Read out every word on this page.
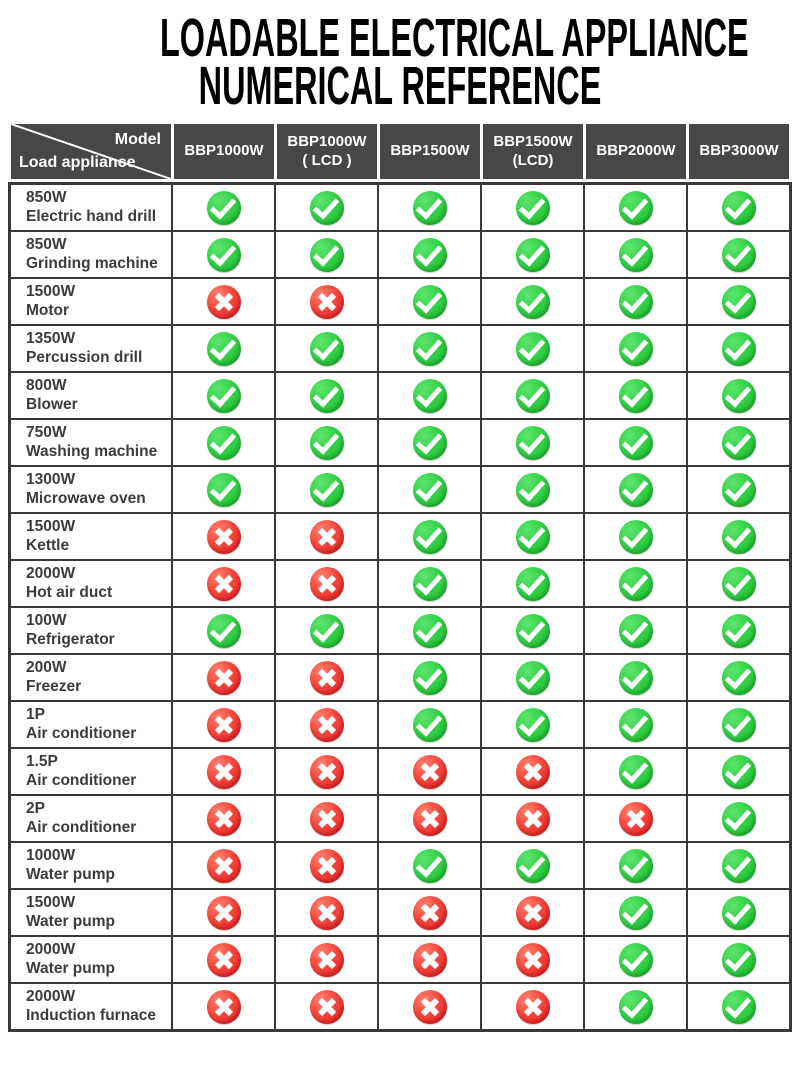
LOADABLE ELECTRICAL APPLIANCE
NUMERICAL REFERENCE
Model
Load appliance
BBP1000W
BBP1000W
( LCD )
BBP1500W
BBP1500W
(LCD)
BBP2000W BBP3000W
850W
Electric hand drill
850W
Grinding machine
1500W
Motor
1350W
Percussion drill
800W
Blower
750W
Washing machine
1300W
Microwave oven
1500W
Kettle
2000W
Hot air duct
100W
Refrigerator
200W
Freezer
1P
Air conditioner
1.5P
Air conditioner
2P
Air conditioner
1000W
Water pump
1500W
Water pump
2000W
Water pump
2000W
Induction furnace
